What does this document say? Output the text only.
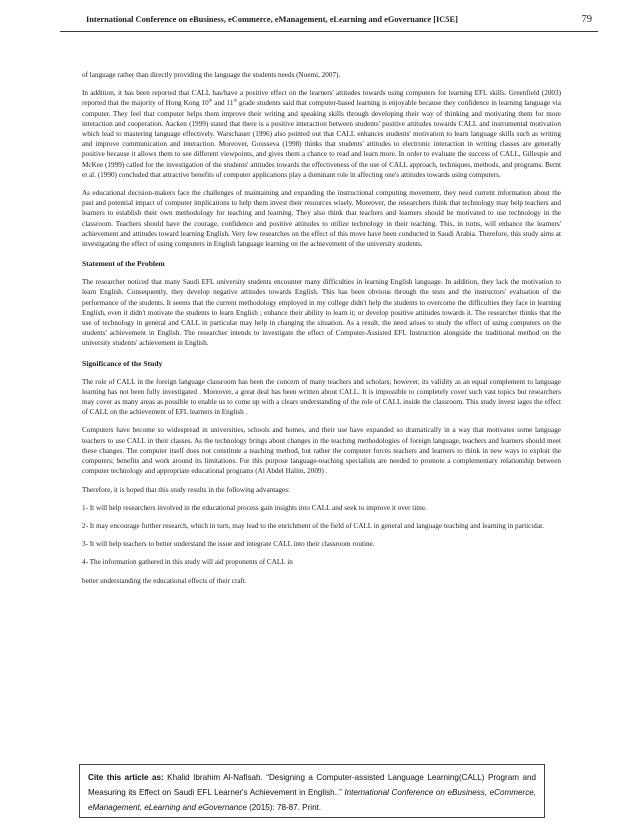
International Conference on eBusiness, eCommerce, eManagement, eLearning and eGovernance [IC5E]	79

of language rather than directly providing the language the students needs (Noemi, 2007).

In addition, it has been reported that CALL has/have a positive effect on the learners' attitudes towards using computers for learning EFL skills. Greenfield (2003) reported that the majority of Hong Kong 10th and 11th grade students said that computer-based learning is enjoyable because they confidence in learning language via computer. They feel that computer helps them improve their writing and speaking skills through developing their way of thinking and motivating them for more interaction and cooperation. Aacken (1999) stated that there is a positive interaction between students' positive attitudes towards CALL and instrumental motivation which lead to mastering language effectively. Warschauer (1996) also pointed out that CALL enhances students' motivation to learn language skills such as writing and improve communication and interaction. Moreover, Gousseva (1998) thinks that students' attitudes to electronic interaction in writing classes are generally positive because it allows them to see different viewpoints, and gives them a chance to read and learn more. In order to evaluate the success of CALL, Gillespie and McKee (1999) called for the investigation of the students' attitudes towards the effectiveness of the use of CALL approach, techniques, methods, and programs. Bernt et al. (1990) concluded that attractive benefits of computer applications play a dominant role in affecting one's attitudes towards using computers.

As educational decision-makers face the challenges of maintaining and expanding the instructional computing movement, they need current information about the past and potential impact of computer implications to help them invest their resources wisely. Moreover, the researchers think that technology may help teachers and learners to establish their own methodology for teaching and learning. They also think that teachers and learners should be motivated to use technology in the classroom. Teachers should have the courage, confidence and positive attitudes to utilize technology in their teaching. This, in turns, will enhance the learners' achievement and attitudes toward learning English. Very few researches on the effect of this move have been conducted in Saudi Arabia. Therefore, this study aims at investigating the effect of using computers in English language learning on the achievement of the university students.

Statement of the Problem

The researcher noticed that many Saudi EFL university students encounter many difficulties in learning English language. In addition, they lack the motivation to learn English. Consequently, they develop negative attitudes towards English. This has been obvious through the tests and the instructors' evaluation of the performance of the students. It seems that the current methodology employed in my college didn't help the students to overcome the difficulties they face in learning English, even it didn't motivate the students to learn English ; enhance their ability to learn it; or develop positive attitudes towards it. The researcher thinks that the use of technology in general and CALL in particular may help in changing the situation. As a result, the need arises to study the effect of using computers on the students' achievement in English. The researcher intends to investigate the effect of Computer-Assisted EFL Instruction alongside the traditional method on the university students' achievement in English.

Significance of the Study

The role of CALL in the foreign language classroom has been the concern of many teachers and scholars; however, its validity as an equal complement to language learning has not been fully investigated . Moreover, a great deal has been written about CALL. It is impossible to completely cover such vast topics but researchers may cover as many areas as possible to enable us to come up with a clears understanding of the role of CALL inside the classroom. This study invest iages the effect of CALL on the achievement of EFL learners in English .

Computers have become so widespread in universities, schools and homes, and their use have expanded so dramatically in a way that motivates some language teachers to use CALL in their classes. As the technology brings about changes in the teaching methodologies of foreign language, teachers and learners should meet these changes. The computer itself does not constitute a teaching method, but rather the computer forces teachers and learners to think in new ways to exploit the computers; benefits and work around its limitations. For this purpose language-teaching specialists are needed to promote a complementary relationship between computer technology and appropriate educational programs (Al Abdel Halim, 2009) .

Therefore, it is hoped that this study results in the following advantages:

1- It will help researchers involved in the educational process gain insights into CALL and seek to improve it over time.

2- It may encourage further research, which in turn, may lead to the enrichment of the field of CALL in general and language teaching and learning in particular.

3- It will help teachers to better understand the issue and integrate CALL into their classroom routine.

4- The information gathered in this study will aid proponents of CALL in

better understanding the educational effects of their craft.

Cite this article as: Khalid Ibrahim Al-Nafisah. “Designing a Computer-assisted Language Learning(CALL) Program and Measuring its Effect on Saudi EFL Learner's Achievement in English..” International Conference on eBusiness, eCommerce, eManagement, eLearning and eGovernance (2015): 78-87. Print.
